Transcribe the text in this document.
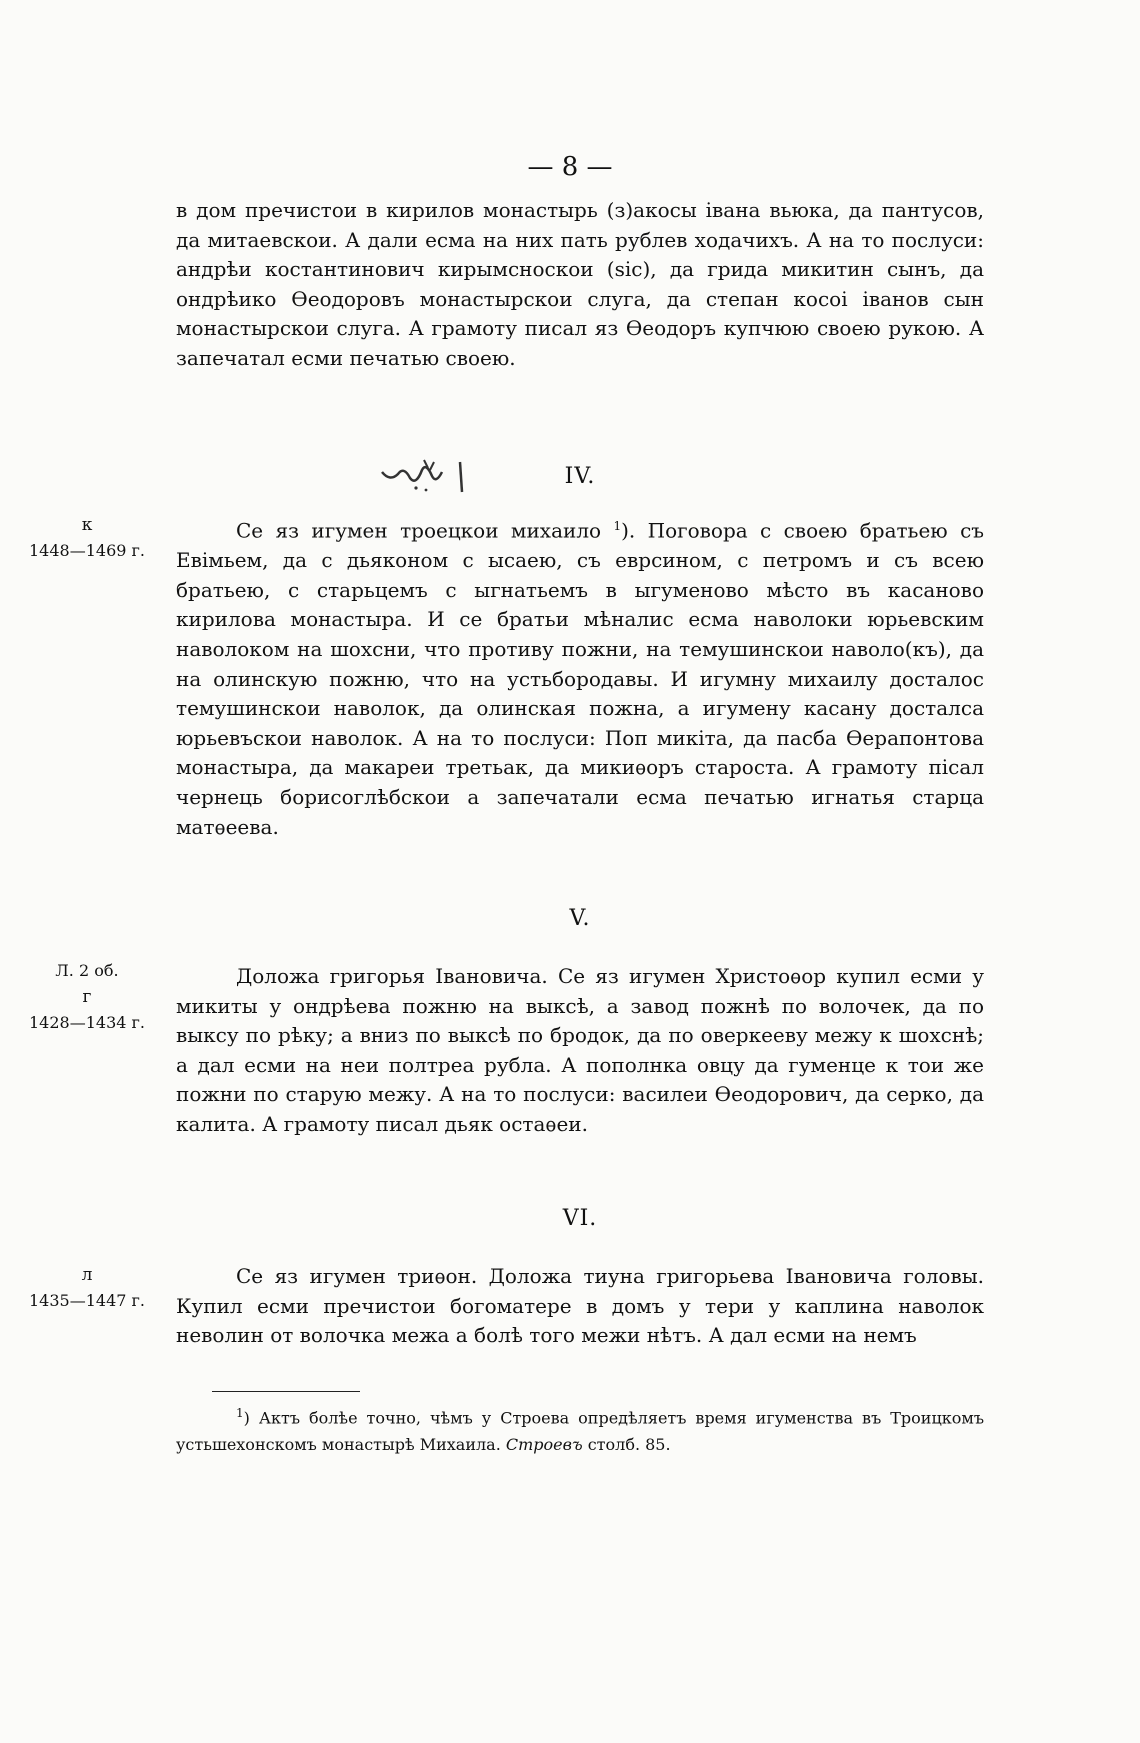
— 8 —

в дом пречистои в кирилов монастырь (з)акосы івана вьюка, да пантусов, да митаевскои. А дали есма на них пать рублев ходачихъ. А на то послуси: андрѣи костантинович кирымсноскои (sic), да грида микитин сынъ, да ондрѣико Ѳеодоровъ монастырскои слуга, да степан косоі іванов сын монастырскои слуга. А грамоту писал яз Ѳеодоръ купчюю своею рукою. А запечатал есми печатью своею.

IV.
к
1448—1469 г.

Се яз игумен троецкои михаило $^1$). Поговора с своею братьею съ Евімьем, да с дьяконом с ысаею, съ еврсином, с петромъ и съ всею братьею, с старьцемъ с ыгнатьемъ в ыгуменово мѣсто въ касаново кирилова монастыра. И се братьи мѣналис есма наволоки юрьевским наволоком на шохсни, что противу пожни, на темушинскои наволо(къ), да на олинскую пожню, что на устьбородавы. И игумну михаилу досталос темушинскои наволок, да олинская пожна, а игумену касану досталса юрьевъскои наволок. А на то послуси: Поп микіта, да пасба Ѳерапонтова монастыра, да макареи третьак, да микиѳоръ староста. А грамоту пісал чернець борисоглѣбскои а запечатали есма печатью игнатья старца матѳеева.

V.
Л. 2 об.
г
1428—1434 г.

Доложа григорья Івановича. Се яз игумен Христоѳор купил есми у микиты у ондрѣева пожню на выксѣ, а завод пожнѣ по волочек, да по выксу по рѣку; а вниз по выксѣ по бродок, да по оверкееву межу к шохснѣ; а дал есми на неи полтреа рубла. А пополнка овцу да гуменце к тои же пожни по старую межу. А на то послуси: василеи Ѳеодорович, да серко, да калита. А грамоту писал дьяк остаѳеи.

VI.
л
1435—1447 г.

Се яз игумен триѳон. Доложа тиуна григорьева Івановича головы. Купил есми пречистои богоматере в домъ у тери у каплина наволок неволин от волочка межа а болѣ того межи нѣтъ. А дал есми на немъ

$^1$) Актъ болѣе точно, чѣмъ у Строева опредѣляетъ время игуменства въ Троицкомъ устьшехонскомъ монастырѣ Михаила. Строевъ столб. 85.
